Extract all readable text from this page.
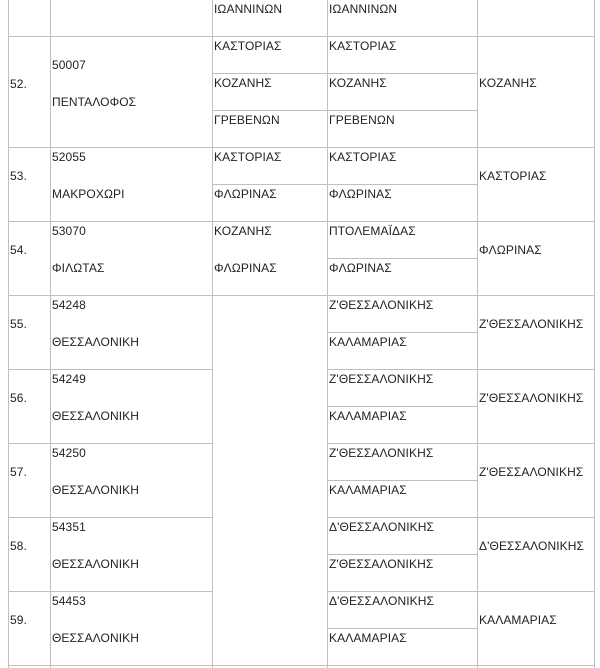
ΙΩΑΝΝΙΝΩΝ	ΙΩΑΝΝΙΝΩΝ
52.
50007
ΠΕΝΤΑΛΟΦΟΣ
ΚΑΣΤΟΡΙΑΣ
ΚΟΖΑΝΗΣ
ΓΡΕΒΕΝΩΝ
ΚΑΣΤΟΡΙΑΣ
ΚΟΖΑΝΗΣ
ΓΡΕΒΕΝΩΝ
ΚΟΖΑΝΗΣ
53.
52055
ΜΑΚΡΟΧΩΡΙ
ΚΑΣΤΟΡΙΑΣ
ΦΛΩΡΙΝΑΣ
ΚΑΣΤΟΡΙΑΣ
ΦΛΩΡΙΝΑΣ
ΚΑΣΤΟΡΙΑΣ
54.
53070
ΦΙΛΩΤΑΣ
ΚΟΖΑΝΗΣ
ΦΛΩΡΙΝΑΣ
ΠΤΟΛΕΜΑΪΔΑΣ
ΦΛΩΡΙΝΑΣ
ΦΛΩΡΙΝΑΣ
55.
54248
ΘΕΣΣΑΛΟΝΙΚΗ
Ζ'ΘΕΣΣΑΛΟΝΙΚΗΣ
ΚΑΛΑΜΑΡΙΑΣ
Ζ'ΘΕΣΣΑΛΟΝΙΚΗΣ
56.
54249
ΘΕΣΣΑΛΟΝΙΚΗ
Ζ'ΘΕΣΣΑΛΟΝΙΚΗΣ
ΚΑΛΑΜΑΡΙΑΣ
Ζ'ΘΕΣΣΑΛΟΝΙΚΗΣ
57.
54250
ΘΕΣΣΑΛΟΝΙΚΗ
Ζ'ΘΕΣΣΑΛΟΝΙΚΗΣ
ΚΑΛΑΜΑΡΙΑΣ
Ζ'ΘΕΣΣΑΛΟΝΙΚΗΣ
58.
54351
ΘΕΣΣΑΛΟΝΙΚΗ
Δ'ΘΕΣΣΑΛΟΝΙΚΗΣ
Ζ'ΘΕΣΣΑΛΟΝΙΚΗΣ
Δ'ΘΕΣΣΑΛΟΝΙΚΗΣ
59.
54453
ΘΕΣΣΑΛΟΝΙΚΗ
Δ'ΘΕΣΣΑΛΟΝΙΚΗΣ
ΚΑΛΑΜΑΡΙΑΣ
ΚΑΛΑΜΑΡΙΑΣ
